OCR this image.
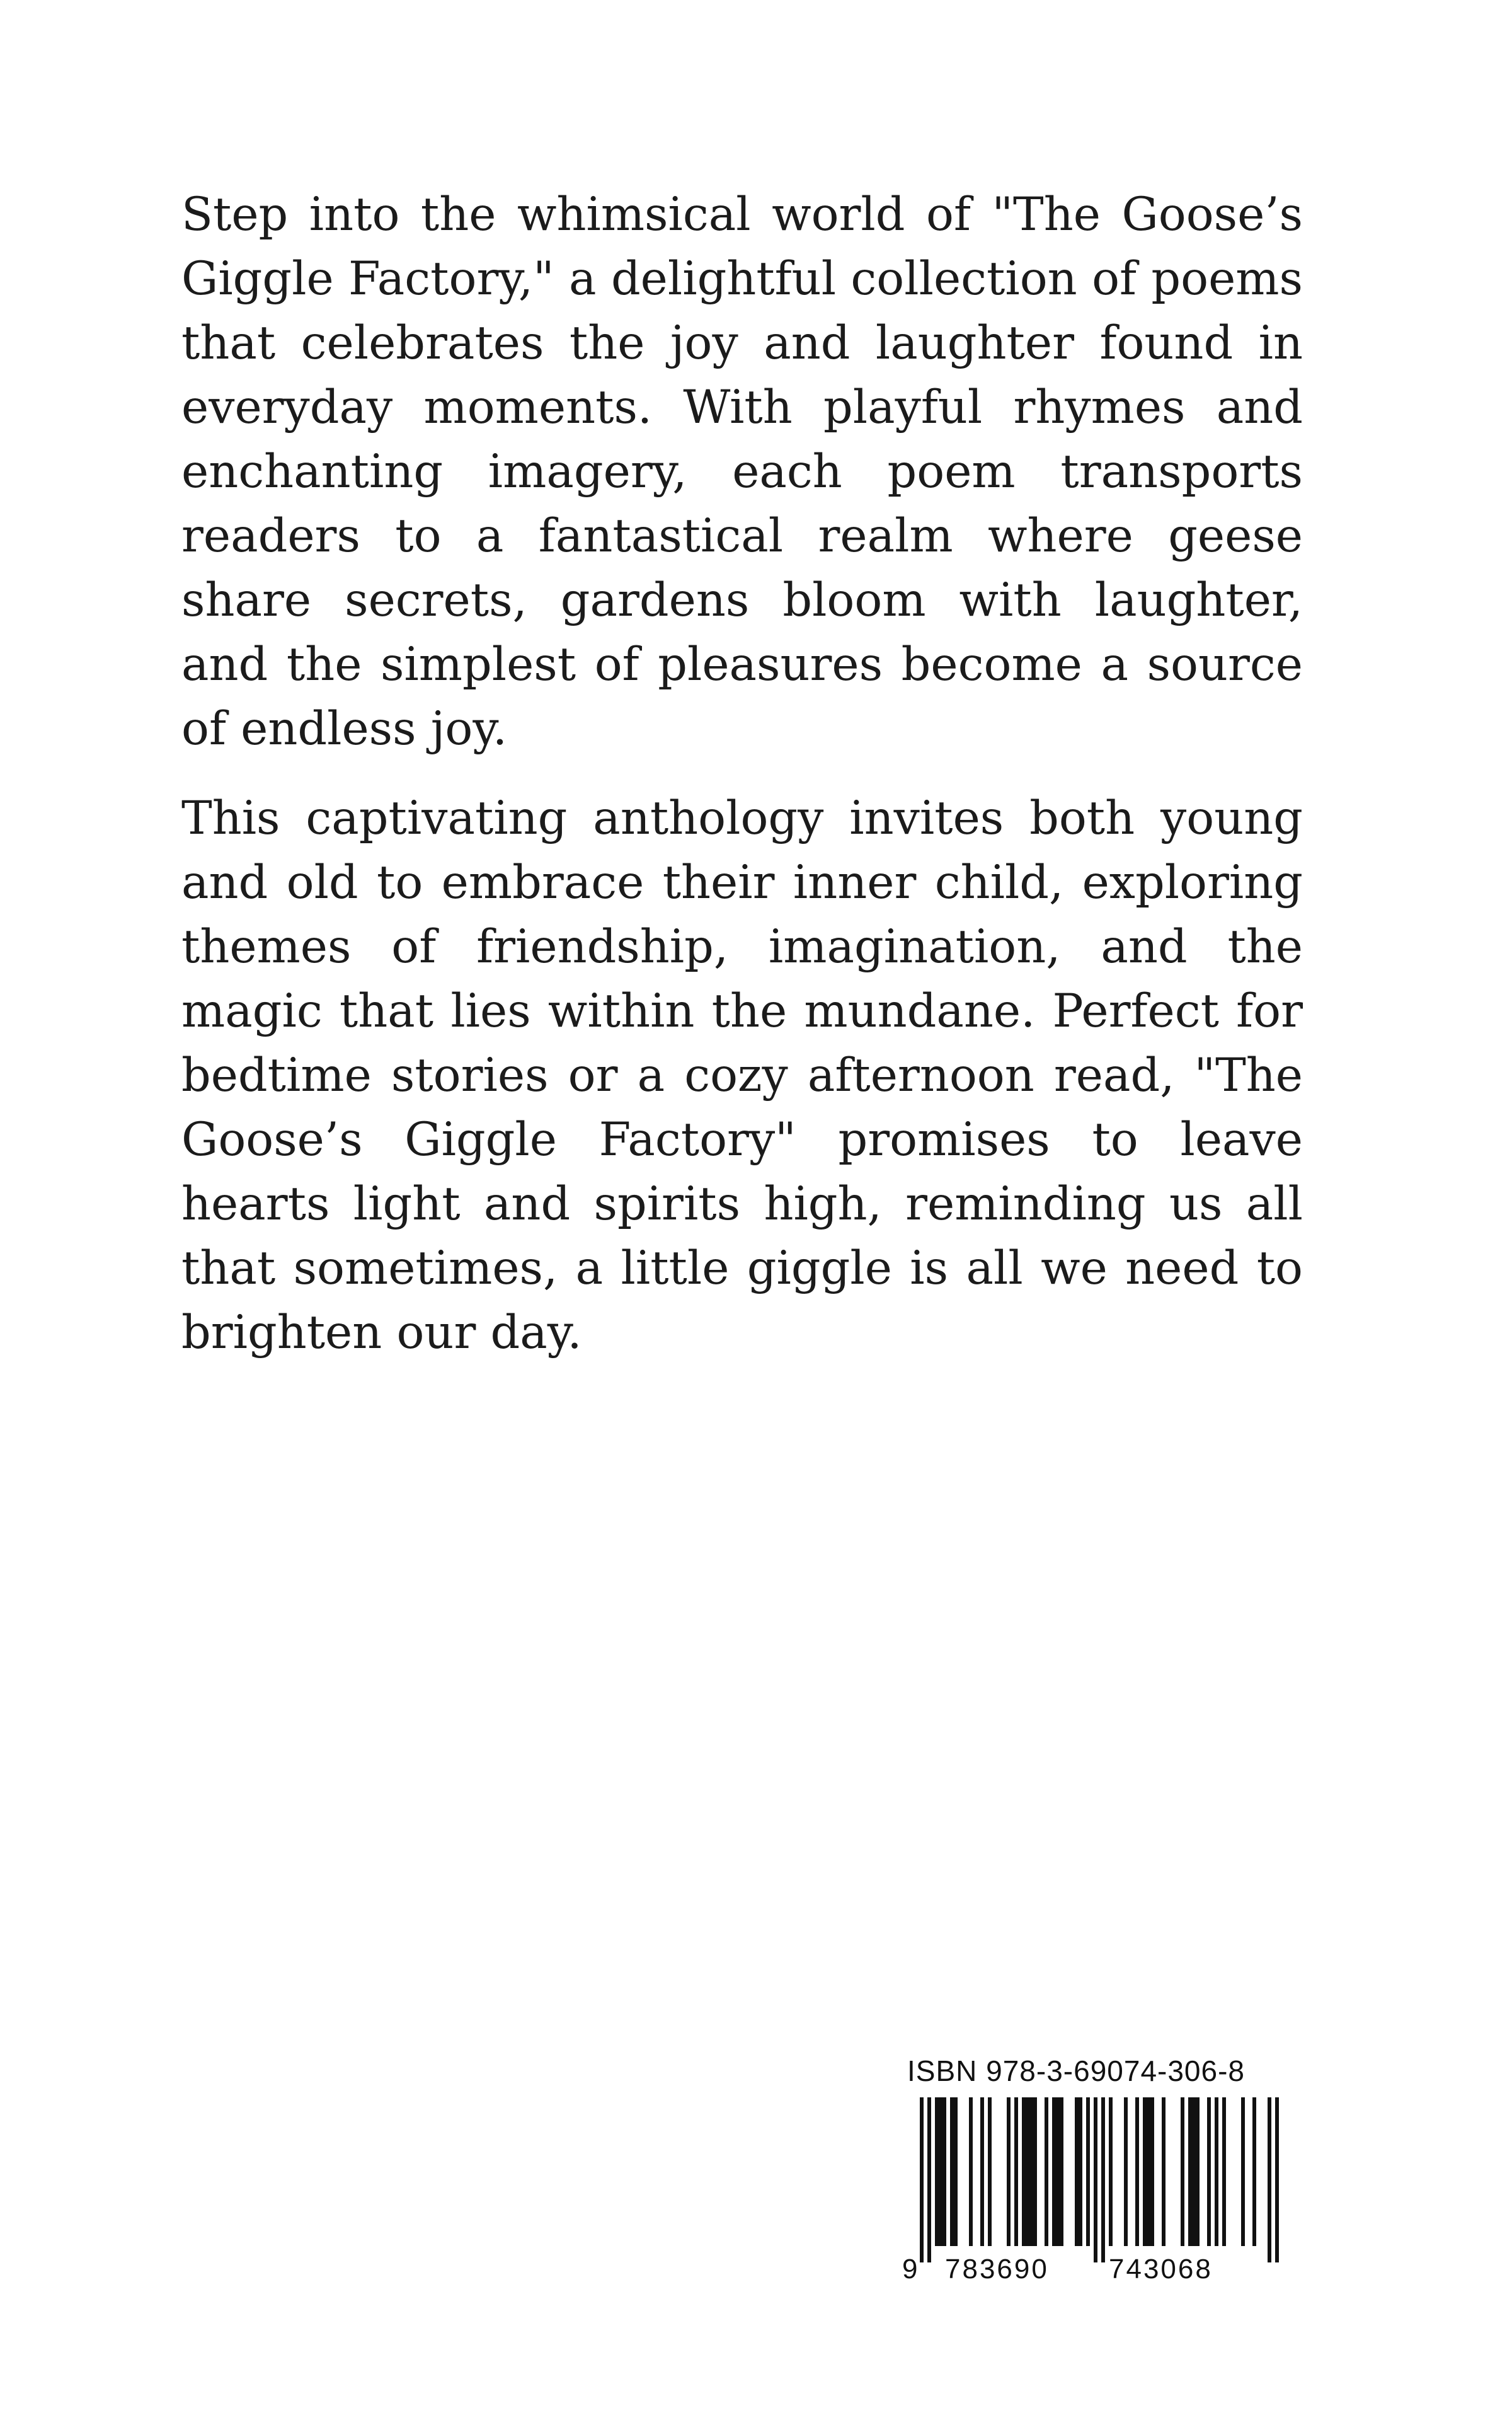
Step into the whimsical world of "The Goose’s Giggle Factory," a delightful collection of poems that celebrates the joy and laughter found in everyday moments. With playful rhymes and enchanting imagery, each poem transports readers to a fantastical realm where geese share secrets, gardens bloom with laughter, and the simplest of pleasures become a source of endless joy.

This captivating anthology invites both young and old to embrace their inner child, exploring themes of friendship, imagination, and the magic that lies within the mundane. Perfect for bedtime stories or a cozy afternoon read, "The Goose’s Giggle Factory" promises to leave hearts light and spirits high, reminding us all that sometimes, a little giggle is all we need to brighten our day.

ISBN 978-3-69074-306-8
9 783690 743068
